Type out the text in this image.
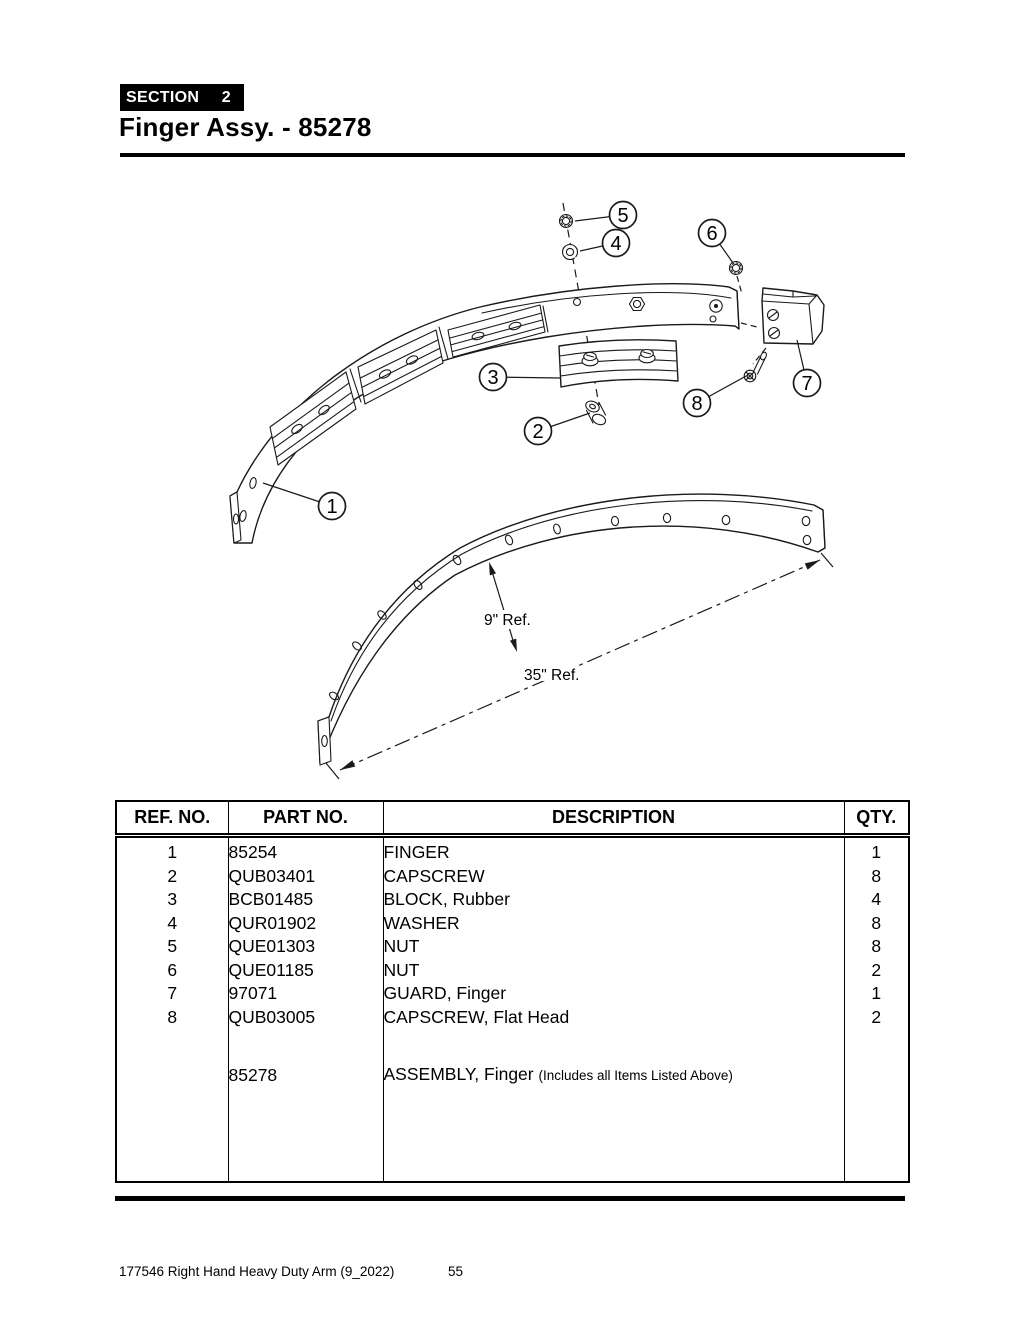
9" Ref.
35" Ref.
1
2
3
4
5
6
7
8
SECTION 2
Finger Assy. - 85278
REF. NO.	PART NO.	DESCRIPTION	QTY.
1	85254	FINGER	1
2	QUB03401	CAPSCREW	8
3	BCB01485	BLOCK, Rubber	4
4	QUR01902	WASHER	8
5	QUE01303	NUT	8
6	QUE01185	NUT	2
7	97071	GUARD, Finger	1
8	QUB03005	CAPSCREW, Flat Head	2

	85278	ASSEMBLY, Finger (Includes all Items Listed Above)	

177546 Right Hand Heavy Duty Arm (9_2022)	55
